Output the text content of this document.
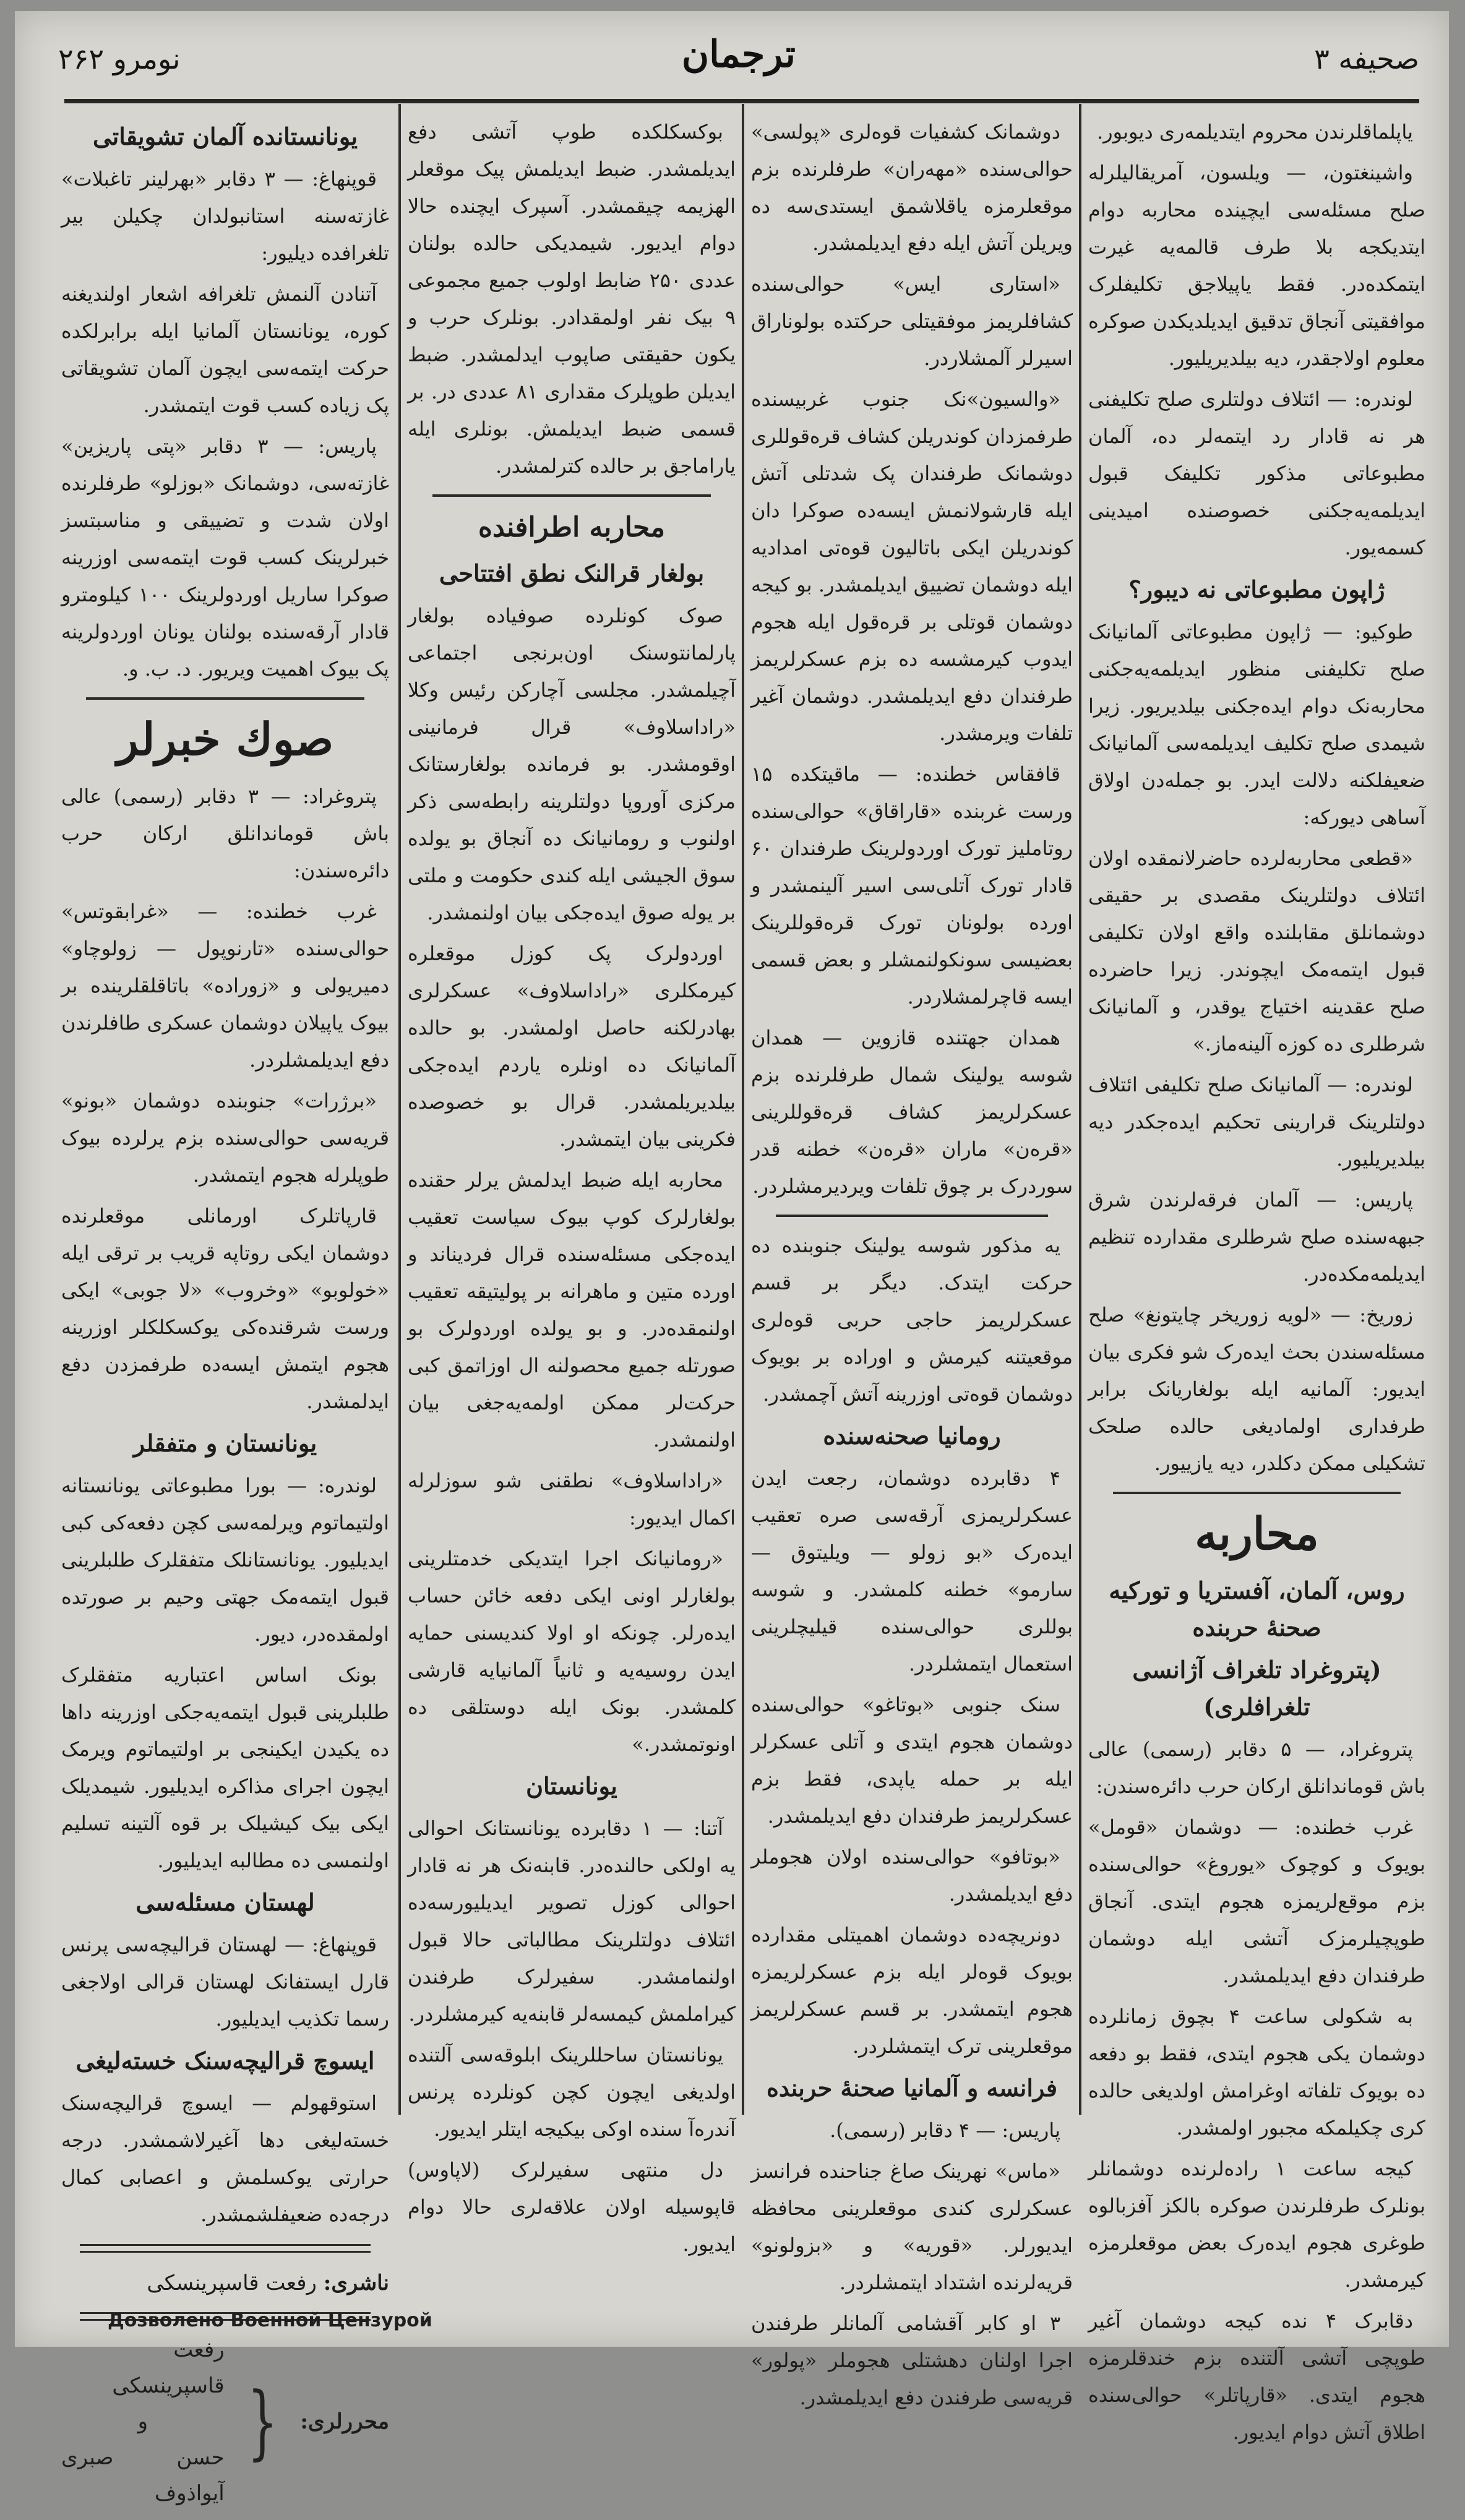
صحیفه ۳
ترجمان
نومرو ۲۶۲

یاپلماقلرندن محروم ایتدیلمه‌ری دیوبور.

واشینغتون، — ویلسون، آمریقالیلرله صلح مسئله‌سی ایچینده محاربه دوام ایتدیکجه بلا طرف قالمه‌یه غیرت ایتمکده‌در. فقط یاپیلاجق تکلیفلرک موافقیتی آنجاق تدقیق ایدیلدیکدن صوکره معلوم اولاجقدر، دیه بیلدیریلیور.

لوندره: — ائتلاف دولتلری صلح تکلیفنی هر نه قادار رد ایتمه‌لر ده، آلمان مطبوعاتی مذکور تکلیفک قبول ایدیلمه‌یه‌جکنی خصوصنده امیدینی کسمه‌یور.

ژاپون مطبوعاتی نه دیبور؟

طوکیو: — ژاپون مطبوعاتی آلمانیانک صلح تکلیفنی منظور ایدیلمه‌یه‌جکنی محاربه‌نک دوام ایده‌جکنی بیلدیریور. زیرا شیمدی صلح تکلیف ایدیلمه‌سی آلمانیانک ضعیفلکنه دلالت ایدر. بو جمله‌دن اولاق آساهی دیورکه:

«قطعی محاربه‌لرده حاضرلانمقده اولان ائتلاف دولتلرینک مقصدی بر حقیقی دوشمانلق مقابلنده واقع اولان تکلیفی قبول ایتمه‌مک ایچوندر. زیرا حاضرده صلح عقدینه اختیاج یوقدر، و آلمانیانک شرطلری ده کوزه آلینه‌ماز.»

لوندره: — آلمانیانک صلح تکلیفی ائتلاف دولتلرینک قرارینی تحکیم ایده‌جکدر دیه بیلدیریلیور.

پاریس: — آلمان فرقه‌لرندن شرق جبهه‌سنده صلح شرطلری مقدارده تنظیم ایدیلمه‌مکده‌در.

زوریخ: — «لویه زوریخر چایتونغ» صلح مسئله‌سندن بحث ایده‌رک شو فکری بیان ایدیور: آلمانیه ایله بولغاریانک برابر طرفداری اولمادیغی حالده صلحک تشکیلی ممکن دکلدر، دیه یازییور.

محاربه
روس، آلمان، آفستریا و تورکیه صحنهٔ حربنده
(پتروغراد تلغراف آژانسی تلغرافلری)

پتروغراد، — ۵ دقابر (رسمی) عالی باش قوماندانلق ارکان حرب دائره‌سندن:

غرب خطنده: — دوشمان «قومل» بویوک و کوچوک «یوروغ» حوالی‌سنده بزم موقع‌لریمزه هجوم ایتدی. آنجاق طوپچیلرمزک آتشی ایله دوشمان طرفندان دفع ایدیلمشدر.

به شکولی ساعت ۴ بچوق زمانلرده دوشمان یکی هجوم ایتدی، فقط بو دفعه ده بویوک تلفاته اوغرامش اولدیغی حالده کری چکیلمکه مجبور اولمشدر.

کیجه ساعت ۱ راده‌لرنده دوشمانلر بونلرک طرفلرندن صوکره بالکز آفزبالوه طوغری هجوم ایده‌رک بعض موقعلرمزه کیرمشدر.

دقابرک ۴ نده کیجه دوشمان آغیر طوپچی آتشی آلتنده بزم خندقلرمزه هجوم ایتدی. «قارپاتلر» حوالی‌سنده اطلاق آتش دوام ایدیور.

دوشمانک کشفیات قوه‌لری «پولسی» حوالی‌سنده «مهه‌ران» طرفلرنده بزم موقعلرمزه یاقلاشمق ایستدی‌سه ده ویریلن آتش ایله دفع ایدیلمشدر.

«استاری ایس» حوالی‌سنده کشافلریمز موفقیتلی حرکتده بولوناراق اسیرلر آلمشلاردر.

«والسیون»نک جنوب غربیسنده طرفمزدان کوندریلن کشاف قره‌قوللری دوشمانک طرفندان پک شدتلی آتش ایله قارشولانمش ایسه‌ده صوکرا دان کوندریلن ایکی باتالیون قوه‌تی امدادیه ایله دوشمان تضییق ایدیلمشدر. بو کیجه دوشمان قوتلی بر قره‌قول ایله هجوم ایدوب کیرمشسه ده بزم عسکرلریمز طرفندان دفع ایدیلمشدر. دوشمان آغیر تلفات ویرمشدر.

قافقاس خطنده: — ماقیتکده ۱۵ ورست غربنده «قاراقاق» حوالی‌سنده روتاملیز تورک اوردولرینک طرفندان ۶۰ قادار تورک آتلی‌سی اسیر آلینمشدر و اورده بولونان تورک قره‌قوللرینک بعضیسی سونکولنمشلر و بعض قسمی ایسه قاچرلمشلاردر.

همدان جهتنده قازوین — همدان شوسه یولینک شمال طرفلرنده بزم عسکرلریمز کشاف قره‌قوللرینی «قره‌ن» ماران «قره‌ن» خطنه قدر سوردرک بر چوق تلفات ویردیرمشلردر.

یه مذکور شوسه یولینک جنوبنده ده حرکت ایتدک. دیگر بر قسم عسکرلریمز حاجی حربی قوه‌لری موقعیتنه کیرمش و اوراده بر بویوک دوشمان قوه‌تی اوزرینه آتش آچمشدر.

رومانیا صحنه‌سنده

۴ دقابرده دوشمان، رجعت ایدن عسکرلریمزی آرقه‌سی صره تعقیب ایده‌رک «بو زولو — ویلیتوق — سارمو» خطنه کلمشدر. و شوسه بوللری حوالی‌سنده قیلیچلرینی استعمال ایتمشلردر.

سنک جنوبی «بوتاغو» حوالی‌سنده دوشمان هجوم ایتدی و آتلی عسکرلر ایله بر حمله یاپدی، فقط بزم عسکرلریمز طرفندان دفع ایدیلمشدر.

«بوتافو» حوالی‌سنده اولان هجوملر دفع ایدیلمشدر.

دونریچه‌ده دوشمان اهمیتلی مقدارده بویوک قوه‌لر ایله بزم عسکرلریمزه هجوم ایتمشدر. بر قسم عسکرلریمز موقعلرینی ترک ایتمشلردر.

فرانسه و آلمانیا صحنهٔ حربنده

پاریس: — ۴ دقابر (رسمی).

«ماس» نهرینک صاغ جناحنده فرانسز عسکرلری کندی موقعلرینی محافظه ایدیورلر. «قوریه» و «بزولونو» قریه‌لرنده اشتداد ایتمشلردر.

۳ او کابر آقشامی آلمانلر طرفندن اجرا اولنان دهشتلی هجوملر «پولور» قریه‌سی طرفندن دفع ایدیلمشدر.

بوکسکلکده طوپ آتشی دفع ایدیلمشدر. ضبط ایدیلمش پیک موقعلر الهزیمه چیقمشدر. آسپرک ایچنده حالا دوام ایدیور. شیمدیکی حالده بولنان عددی ۲۵۰ ضابط اولوب جمیع مجموعی ۹ بیک نفر اولمقدادر. بونلرک حرب و یکون حقیقتی صاپوب ایدلمشدر. ضبط ایدیلن طوپلرک مقداری ۸۱ عددی در. بر قسمی ضبط ایدیلمش. بونلری ایله یاراماجق بر حالده کترلمشدر.

محاربه اطرافنده
بولغار قرالنک نطق افتتاحی

صوک کونلرده صوفیاده بولغار پارلمانتوسنک اون‌برنجی اجتماعی آچیلمشدر. مجلسی آچارکن رئیس وکلا «راداسلاوف» قرال فرمانینی اوقومشدر. بو فرمانده بولغارستانک مرکزی آوروپا دولتلرینه رابطه‌سی ذکر اولنوب و رومانیانک ده آنجاق بو یولده سوق الجیشی ایله کندی حکومت و ملتی بر یوله صوق ایده‌جکی بیان اولنمشدر.

اوردولرک پک کوزل موقعلره کیرمکلری «راداسلاوف» عسکرلری بهادرلکنه حاصل اولمشدر. بو حالده آلمانیانک ده اونلره یاردم ایده‌جکی بیلدیریلمشدر. قرال بو خصوصده فکرینی بیان ایتمشدر.

محاربه ایله ضبط ایدلمش یرلر حقنده بولغارلرک کوپ بیوک سیاست تعقیب ایده‌جکی مسئله‌سنده قرال فردیناند و اورده متین و ماهرانه بر پولیتیقه تعقیب اولنمقده‌در. و بو یولده اوردولرک بو صورتله جمیع محصولنه ال اوزاتمق کبی حرکت‌لر ممکن اولمه‌یه‌جغی بیان اولنمشدر.

«راداسلاوف» نطقنی شو سوزلرله اکمال ایدیور:

«رومانیانک اجرا ایتدیکی خدمتلرینی بولغارلر اونی ایکی دفعه خائن حساب ایده‌رلر. چونکه او اولا کندیسنی حمایه ایدن روسیه‌یه و ثانیاً آلمانیایه قارشی کلمشدر. بونک ایله دوستلقی ده اونوتمشدر.»

یونانستان

آتنا: — ۱ دقابرده یونانستانک احوالی یه اولکی حالنده‌در. قابنه‌نک هر نه قادار احوالی کوزل تصویر ایدیلیورسه‌ده ائتلاف دولتلرینک مطالباتی حالا قبول اولنمامشدر. سفیرلرک طرفندن کیراملمش کیمسه‌لر قابنه‌یه کیرمشلردر.

یونانستان ساحللرینک ابلوقه‌سی آلتنده اولدیغی ایچون کچن کونلرده پرنس آندره‌آ سنده اوکی بیکیجه ایتلر ایدیور.

دل منتهی سفیرلرک (لاپاوس) قاپوسیله اولان علاقه‌لری حالا دوام ایدیور.

یونانستانده آلمان تشویقاتی

قوپنهاغ: — ۳ دقابر «بهرلینر تاغبلات» غازته‌سنه استانبولدان چکیلن بیر تلغرافده دیلیور:

آتنادن آلنمش تلغرافه اشعار اولندیغنه کوره، یونانستان آلمانیا ایله برابرلکده حرکت ایتمه‌سی ایچون آلمان تشویقاتی پک زیاده کسب قوت ایتمشدر.

پاریس: — ۳ دقابر «پتی پاریزین» غازته‌سی، دوشمانک «بوزلو» طرفلرنده اولان شدت و تضییقی و مناسبتسز خبرلرینک کسب قوت ایتمه‌سی اوزرینه صوکرا ساریل اوردولرینک ۱۰۰ کیلومترو قادار آرقه‌سنده بولنان یونان اوردولرینه پک بیوک اهمیت ویریور. د. ب. و.

صوك خبرلر

پتروغراد: — ۳ دقابر (رسمی) عالی باش قوماندانلق ارکان حرب دائره‌سندن:

غرب خطنده: — «غرابقوتس» حوالی‌سنده «تارنوپول — زولوچاو» دمیریولی و «زوراده» باتاقلقلرینده بر بیوک یاپیلان دوشمان عسکری طافلرندن دفع ایدیلمشلردر.

«برژرات» جنوبنده دوشمان «بونو» قریه‌سی حوالی‌سنده بزم یرلرده بیوک طوپلرله هجوم ایتمشدر.

قارپاتلرک اورمانلی موقعلرنده دوشمان ایکی روتاپه قریب بر ترقی ایله «خولوبو» «وخروب» «لا جوبی» ایکی ورست شرقنده‌کی یوکسکلکلر اوزرینه هجوم ایتمش ایسه‌ده طرفمزدن دفع ایدلمشدر.

یونانستان و متفقلر

لوندره: — بورا مطبوعاتی یونانستانه اولتیماتوم ویرلمه‌سی کچن دفعه‌کی کبی ایدیلیور. یونانستانلک متفقلرک طلبلرینی قبول ایتمه‌مک جهتی وحیم بر صورتده اولمقده‌در، دیور.

بونک اساس اعتباریه متفقلرک طلبلرینی قبول ایتمه‌یه‌جکی اوزرینه داها ده یکیدن ایکینجی بر اولتیماتوم ویرمک ایچون اجرای مذاکره ایدیلیور. شیمدیلک ایکی بیک کیشیلک بر قوه آلتینه تسلیم اولنمسی ده مطالبه ایدیلیور.

لهستان مسئله‌سی

قوپنهاغ: — لهستان قرالیچه‌سی پرنس قارل ایستفانک لهستان قرالی اولاجغی رسما تکذیب ایدیلیور.

ایسوچ قرالیچه‌سنک خسته‌لیغی

استوقهولم — ایسوچ قرالیچه‌سنک خسته‌لیغی دها آغیرلاشمشدر. درجه حرارتی یوکسلمش و اعصابی کمال درجه‌ده ضعیفلشمشدر.

ناشری: رفعت قاسپرینسکی
محررلری:
{
رفعت قاسپرینسکی
و
حسن صبری آیواذوف
Дозволено Военной Цензурой
